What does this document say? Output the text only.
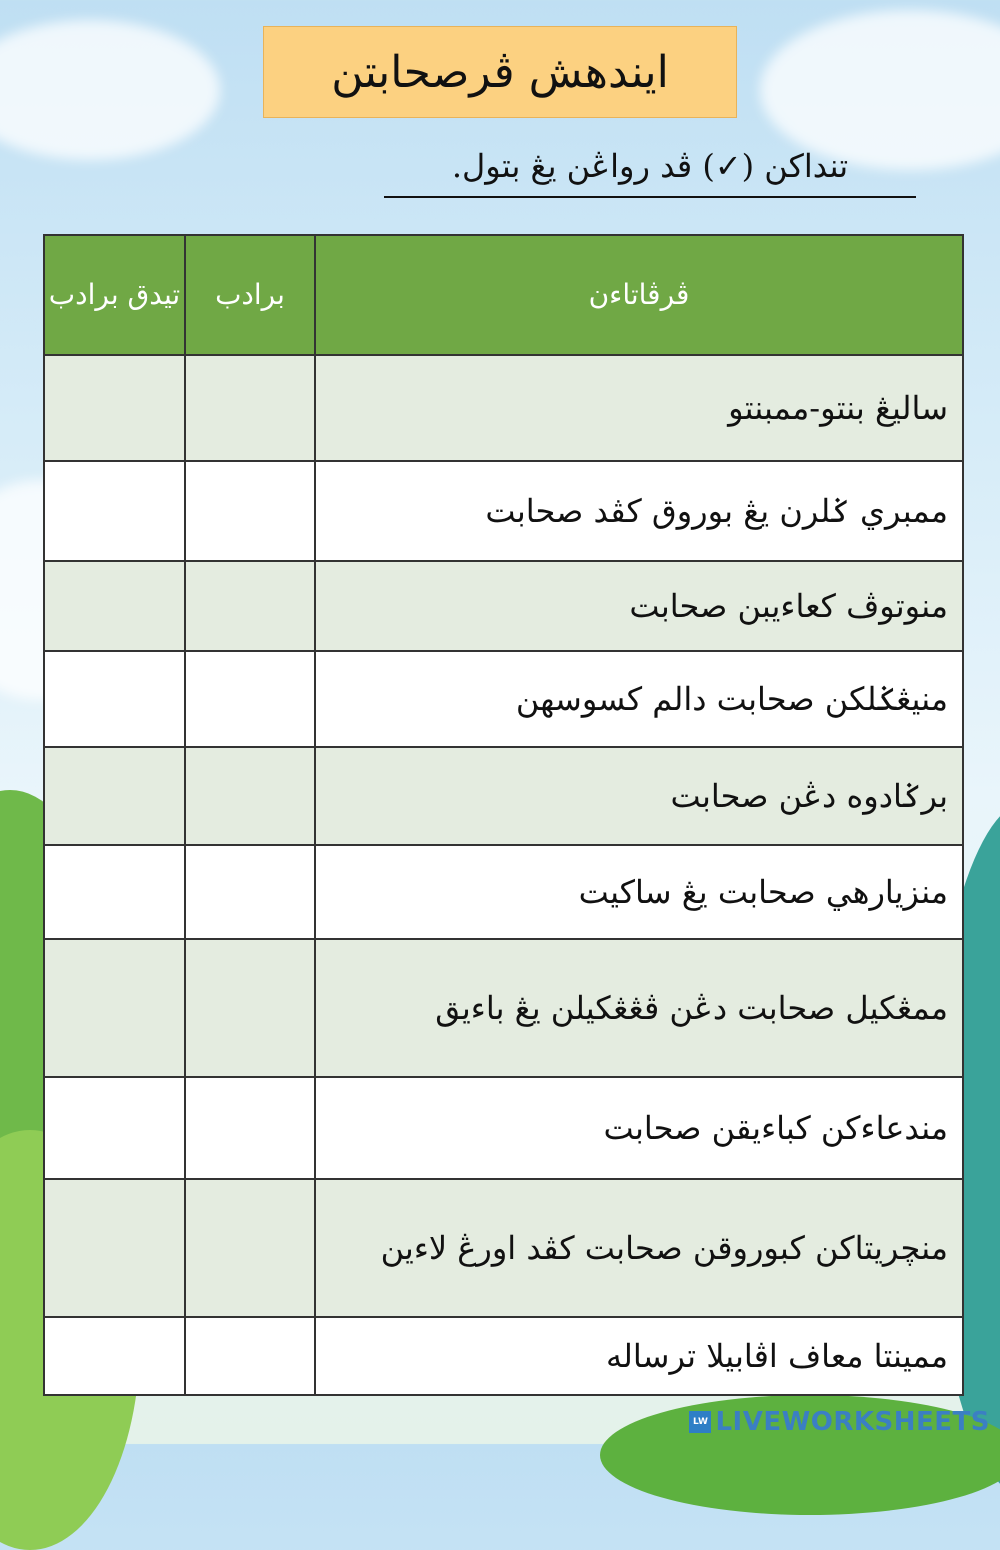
ايندهش ڤرصحابتن
تنداکن (✓) ڤد رواڠن يڠ بتول.
ڤرڤاتاءن	برادب	تيدق برادب
ساليڠ بنتو-ممبنتو		
ممبري ݢلرن يڠ بوروق کڤد صحابت		
منوتوڤ کعاءيبن صحابت		
منيڠݢلکن صحابت دالم کسوسهن		
برݢادوه دڠن صحابت		
منزيارهي صحابت يڠ ساکيت		
ممڠکيل صحابت دڠن ڤڠڠکيلن يڠ باءيق		
مندعاءکن کباءيقن صحابت		
منچريتاکن کبوروقن صحابت کڤد اورڠ لاءين		
ممينتا معاف اڤابيلا ترساله		
LW LIVEWORKSHEETS
